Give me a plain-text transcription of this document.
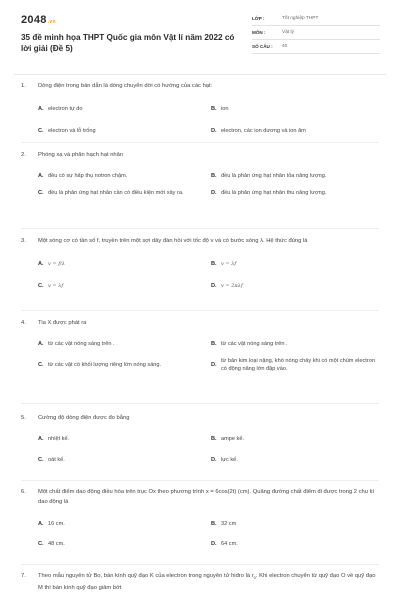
2048.vn
35 đề minh họa THPT Quốc gia môn Vật lí năm 2022 có lời giải (Đề 5)
LỚP :	Tốt nghiệp THPT
MÔN :	Vật lý
SỐ CÂU :	40
1.	Dòng điện trong bán dẫn là dòng chuyển dời có hướng của các hạt:
A. electron tự do	B. ion
C. electron và lỗ trống	D. electron, các ion dương và ion âm
2.	Phóng xạ và phân hạch hạt nhân
A. đều có sự hấp thụ notron chậm.	B. đều là phản ứng hạt nhân tỏa năng lượng.
C. đều là phản ứng hạt nhân cần có điều kiện mới xảy ra.	D. đều là phản ứng hạt nhân thu năng lượng.
3.	Một sóng cơ có tần số f, truyền trên một sợi dây đàn hồi với tốc độ v và có bước sóng λ. Hệ thức đúng là
A. v = f/λ	B. v = λf
C. v = λf	D. v = 2πλf
4.	Tia X được phát ra
A. từ các vật nóng sáng trên .	B. từ các vật nóng sáng trên .
C. từ các vật có khối lượng riêng lớn nóng sáng.	D.
từ bản kim loại nặng, khó nóng chảy khi có một chùm electron có động năng lớn đập vào.
5.	Cường độ dòng điện được đo bằng
A. nhiệt kế.	B. ampe kế.
C. oát kế.	D. lực kế.
6.	Một chất điểm dao động điều hòa trên trục Ox theo phương trình x = 6cos(2t) (cm). Quãng đường chất điểm đi được trong 2 chu kì dao động là
A. 16 cm.	B. 32 cm
C. 48 cm.	D. 64 cm.
7.	Theo mẫu nguyên tử Bo, bán kính quỹ đạo K của electron trong nguyên tử hiđro là $r_0$. Khi electron chuyển từ quỹ đạo O về quỹ đạo M thì bán kính quỹ đạo giảm bớt
